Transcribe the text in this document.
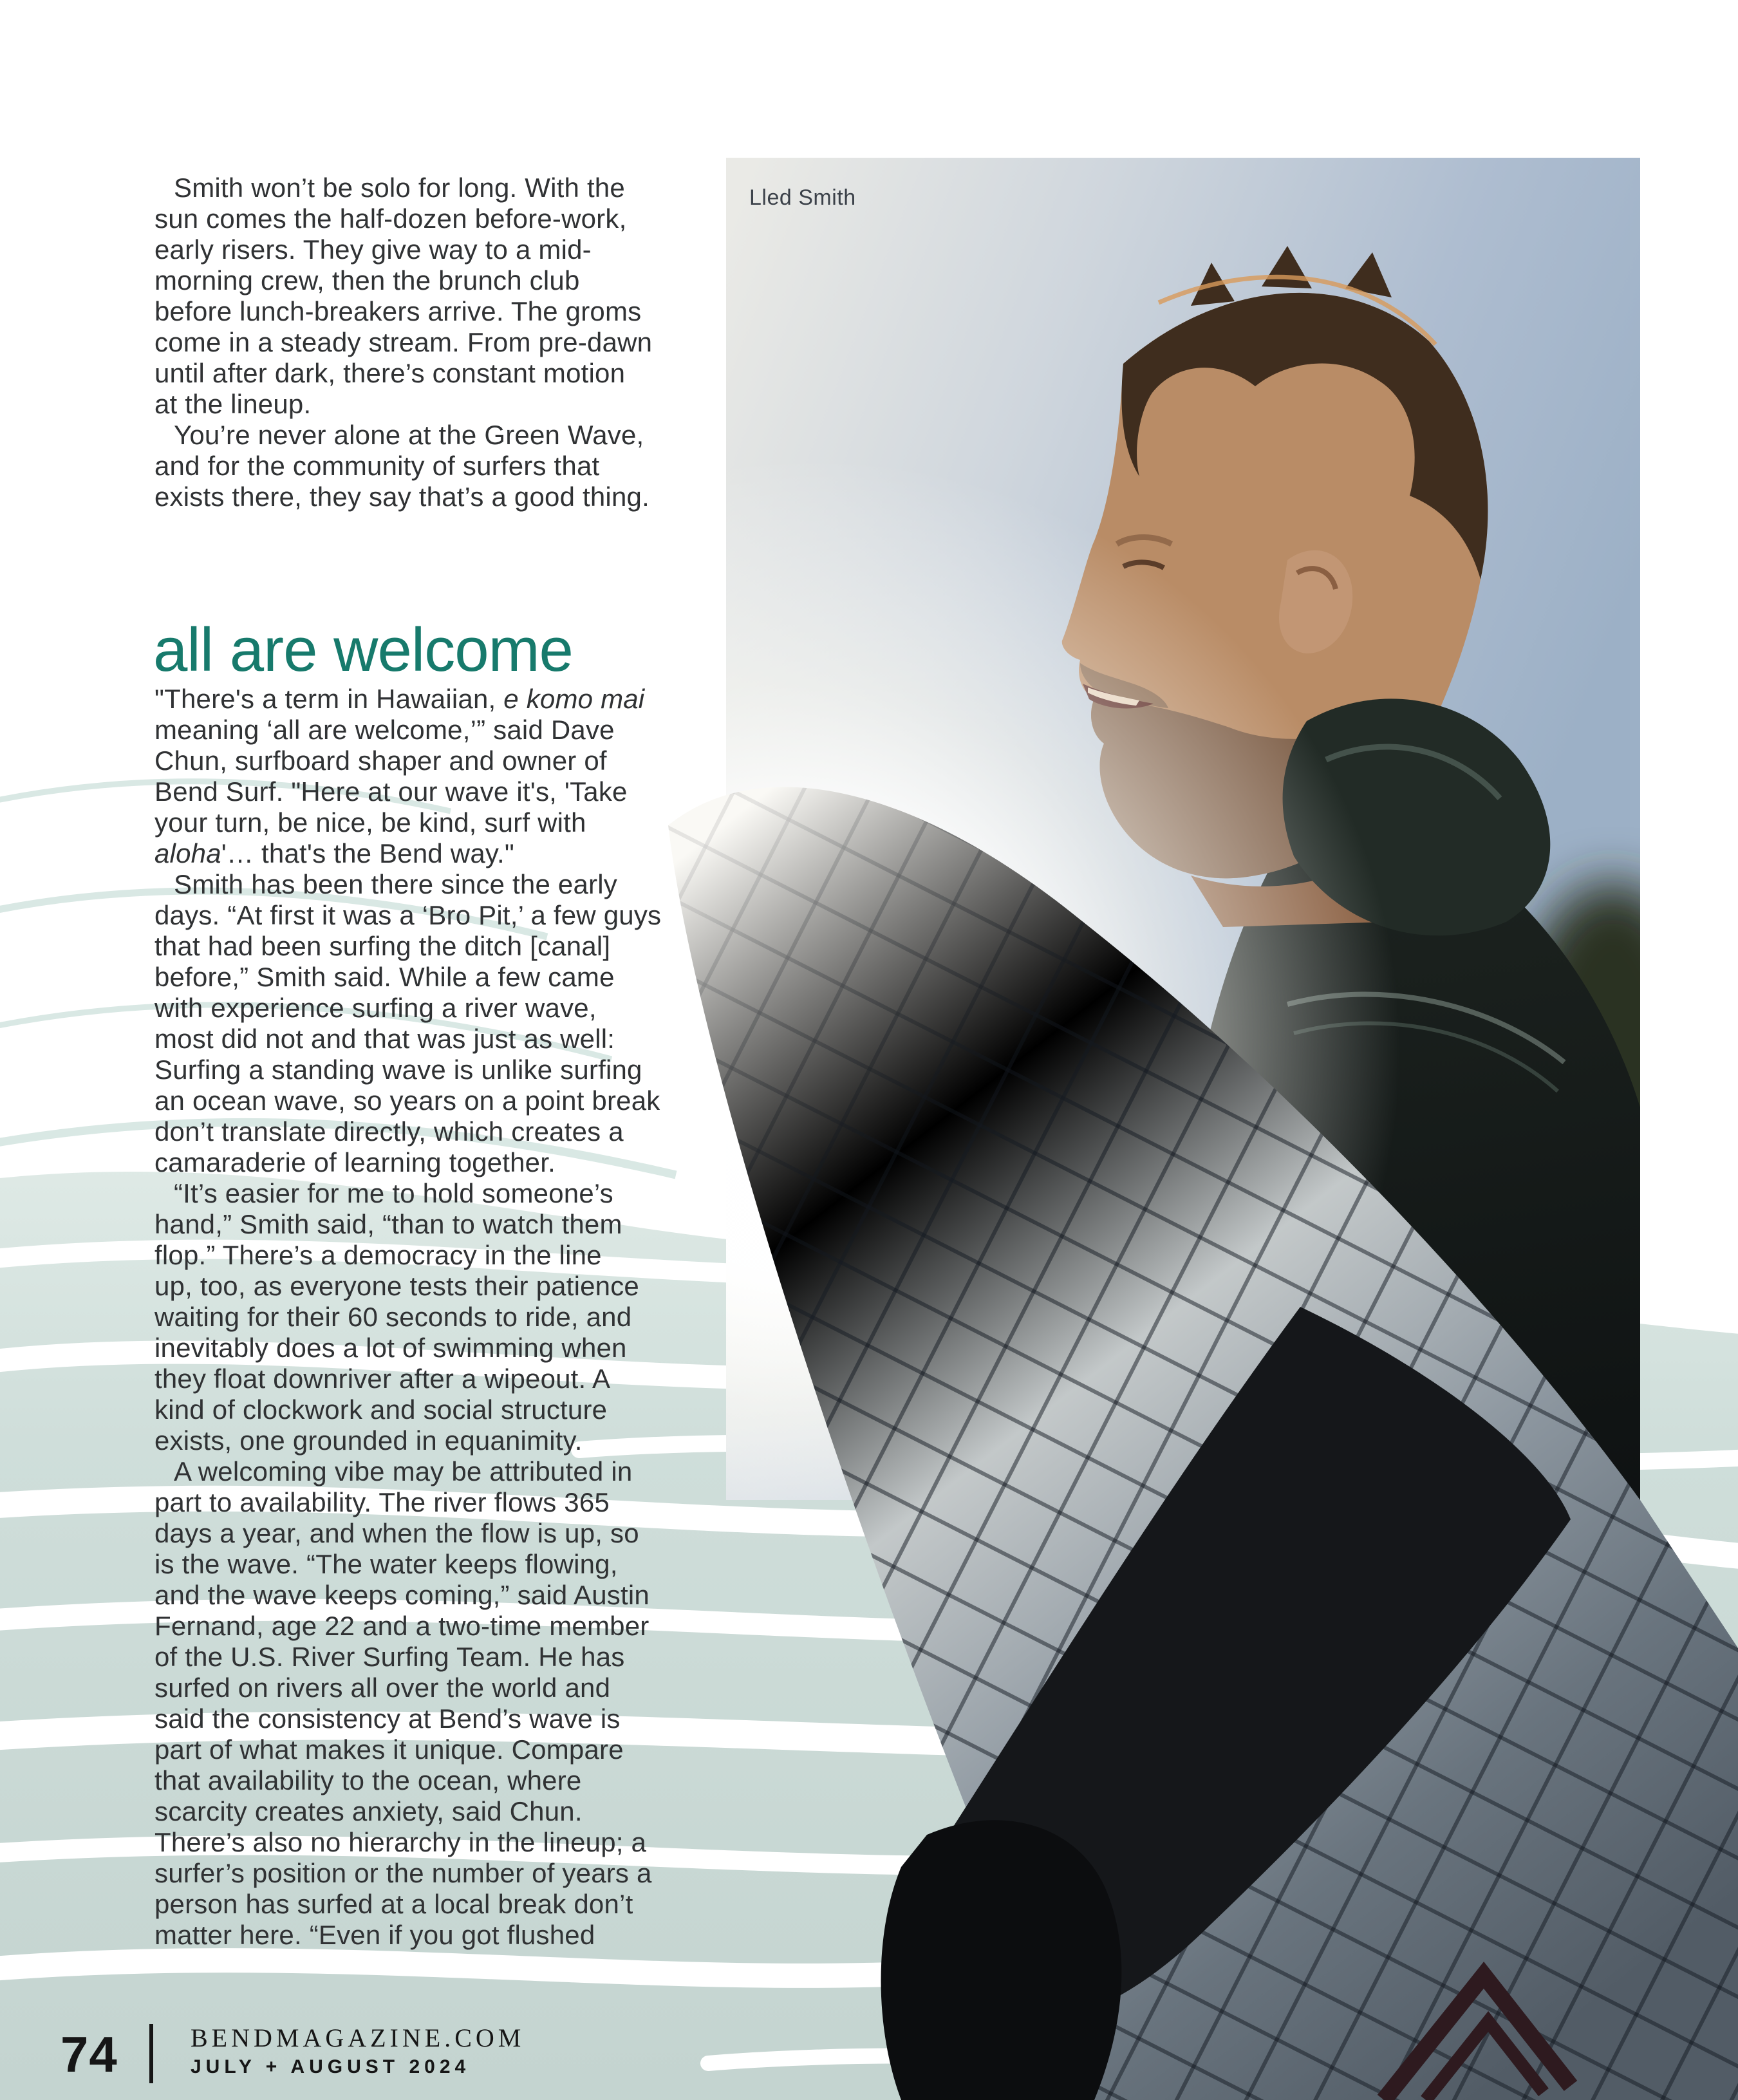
all are welcome
Smith won’t be solo for long. With the
sun comes the half-dozen before-work,
early risers. They give way to a mid-
morning crew, then the brunch club
before lunch-breakers arrive. The groms
come in a steady stream. From pre-dawn
until after dark, there’s constant motion
at the lineup.
You’re never alone at the Green Wave,
and for the community of surfers that
exists there, they say that’s a good thing.
"There's a term in Hawaiian, e komo mai
meaning ‘all are welcome,’” said Dave
Chun, surfboard shaper and owner of
Bend Surf. "Here at our wave it's, 'Take
your turn, be nice, be kind, surf with
aloha'… that's the Bend way."
Smith has been there since the early
days. “At first it was a ‘Bro Pit,’ a few guys
that had been surfing the ditch [canal]
before,” Smith said. While a few came
with experience surfing a river wave,
most did not and that was just as well:
Surfing a standing wave is unlike surfing
an ocean wave, so years on a point break
don’t translate directly, which creates a
camaraderie of learning together.
“It’s easier for me to hold someone’s
hand,” Smith said, “than to watch them
flop.” There’s a democracy in the line
up, too, as everyone tests their patience
waiting for their 60 seconds to ride, and
inevitably does a lot of swimming when
they float downriver after a wipeout. A
kind of clockwork and social structure
exists, one grounded in equanimity.
A welcoming vibe may be attributed in
part to availability. The river flows 365
days a year, and when the flow is up, so
is the wave. “The water keeps flowing,
and the wave keeps coming,” said Austin
Fernand, age 22 and a two-time member
of the U.S. River Surfing Team. He has
surfed on rivers all over the world and
said the consistency at Bend’s wave is
part of what makes it unique. Compare
that availability to the ocean, where
scarcity creates anxiety, said Chun.
There’s also no hierarchy in the lineup; a
surfer’s position or the number of years a
person has surfed at a local break don’t
matter here. “Even if you got flushed
Lled Smith
74	BENDMAGAZINE.COM
JULY + AUGUST 2024
